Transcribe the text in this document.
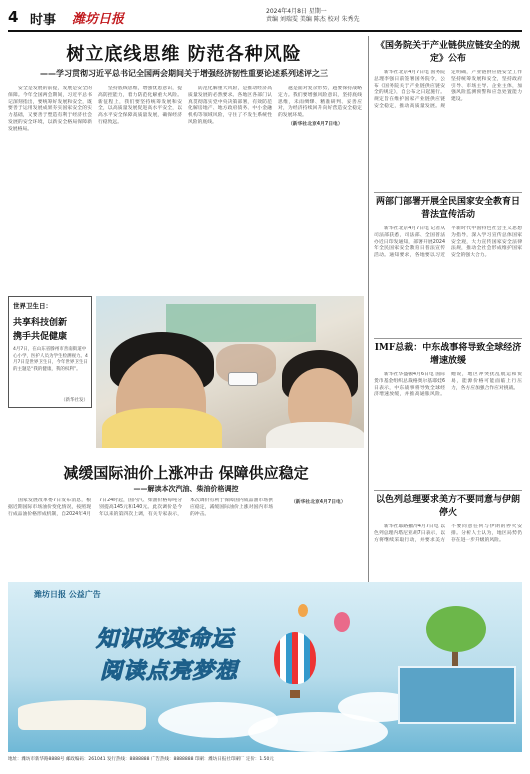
4 时事 潍坊日报
2024年4月8日 星期一
责编 刘瑞雯 美编 陈杰 校对 朱秀先
树立底线思维 防范各种风险
——学习贯彻习近平总书记全国两会期间关于增强经济韧性重要论述系列述评之三

安全是发展的前提，发展是安全的保障。今年全国两会期间，习近平总书记深刻指出，要统筹好发展和安全，既要善于运用发展成果夯实国家安全的实力基础，又要善于塑造有利于经济社会发展的安全环境，以新安全格局保障新发展格局。

坚持底线思维，增强忧患意识，提高防控能力，着力防范化解重大风险。新征程上，我们要坚持统筹发展和安全，以高质量发展促进高水平安全，以高水平安全保障高质量发展，确保经济行稳致远。

防范化解重大风险，是推动经济高质量发展的必然要求。各地区各部门认真贯彻落实党中央决策部署，有效防范化解房地产、地方政府债务、中小金融机构等领域风险，守住了不发生系统性风险的底线。

越是面对复杂形势，越要保持战略定力。我们要增强风险意识，坚持底线思维，未雨绸缪、精准研判、妥善应对，为经济持续回升向好营造安全稳定的发展环境。

（新华社北京4月7日电）

世界卫生日：
共享科技创新
携手共促健康
4月7日，在山东省滕州市善南街道中心小学，医护人员为学生检测视力。4月7日是世界卫生日，今年世界卫生日的主题是“我的健康，我的权利”。
（新华社发）
减缓国际油价上涨冲击 保障供应稳定
——解读本次汽油、柴油价格调控

国家发展改革委7日发布消息，根据近期国际市场油价变化情况，按照现行成品油价格形成机制，自2024年4月7日24时起，国内汽、柴油价格每吨分别提高145元和140元。此次调价是今年以来的第四次上调，有关专家表示，本次调价有利于保障国内成品油市场供应稳定，减缓国际油价上涨对国内市场的冲击。

（新华社北京4月7日电）

《国务院关于产业链供应链安全的规定》公布

新华社北京4月7日电 国务院总理李强日前签署国务院令，公布《国务院关于产业链供应链安全的规定》，自公布之日起施行。规定旨在维护国家产业链供应链安全稳定，推动高质量发展。规定明确，产业链供应链安全工作坚持统筹发展和安全，坚持政府引导、市场主导、企业主体，加强风险监测预警和应急处置能力建设。

两部门部署开展全民国家安全教育日普法宣传活动

新华社北京4月7日电 记者从司法部获悉，司法部、全国普法办近日印发通知，部署开展2024年全民国家安全教育日普法宣传活动。通知要求，各地要以习近平新时代中国特色社会主义思想为指导，深入学习宣传总体国家安全观，大力宣传国家安全法律法规，推动全社会形成维护国家安全的强大合力。

IMF总裁：中东战事将导致全球经济增速放缓

新华社华盛顿4月6日电 国际货币基金组织总裁格奥尔基耶娃6日表示，中东战事将导致全球经济增速放缓，并推高通胀风险。她说，地区冲突扰乱航运和贸易，能源价格可能面临上行压力，各方应加强合作应对挑战。

以色列总理要求美方不要同意与伊朗停火

新华社耶路撒冷4月7日电 以色列总理内塔尼亚胡7日表示，以方将继续采取行动，并要求美方不要同意任何与伊朗的停火安排。分析人士认为，地区局势仍存在进一步升级的风险。

潍坊日报 公益广告
知识改变命运
阅读点亮梦想
地址：潍坊市新华路8888号 邮政编码：261041 发行热线：8888888 广告热线：8888888 印刷：潍坊日报社印刷厂 定价：1.50元
